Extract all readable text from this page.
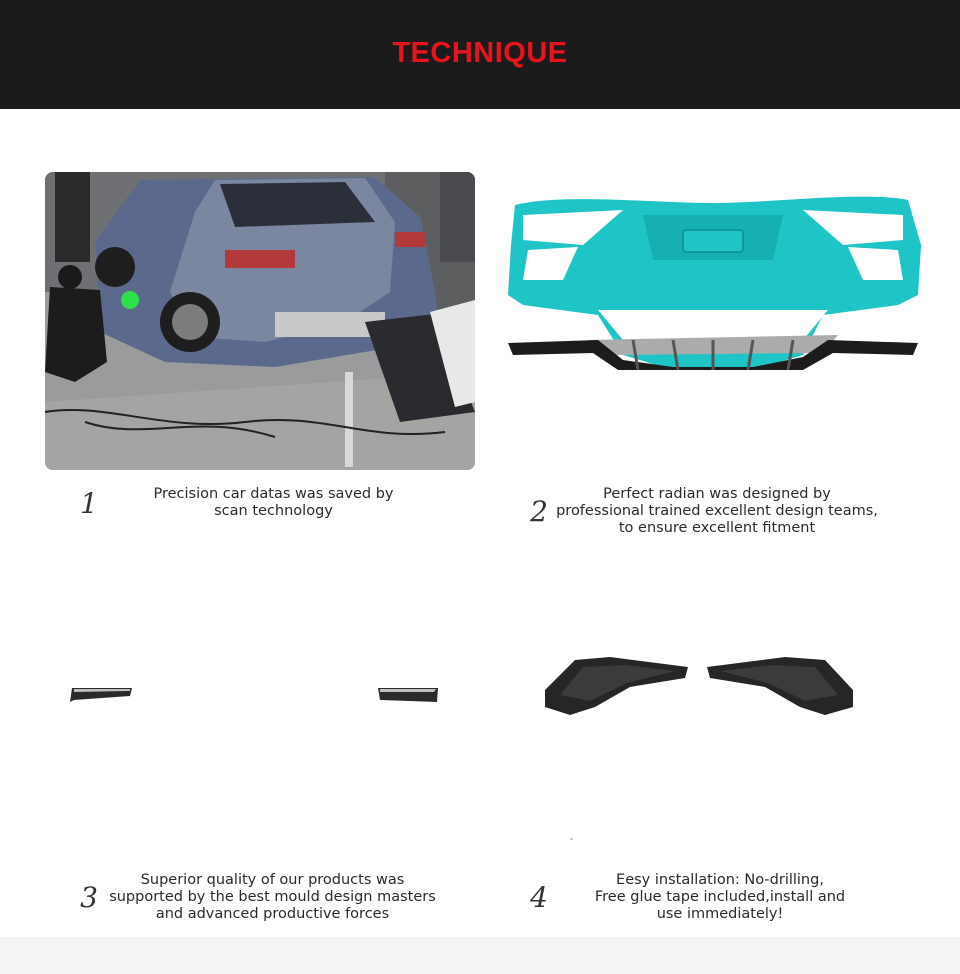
TECHNIQUE
1	Precision car datas was saved by
scan technology	2
Perfect radian was designed by
professional trained excellent design teams,
to ensure excellent fitment
3
Superior quality of our products was
supported by the best mould design masters
and advanced productive forces	4
Eesy installation: No-drilling,
Free glue tape included,install and
use immediately!
